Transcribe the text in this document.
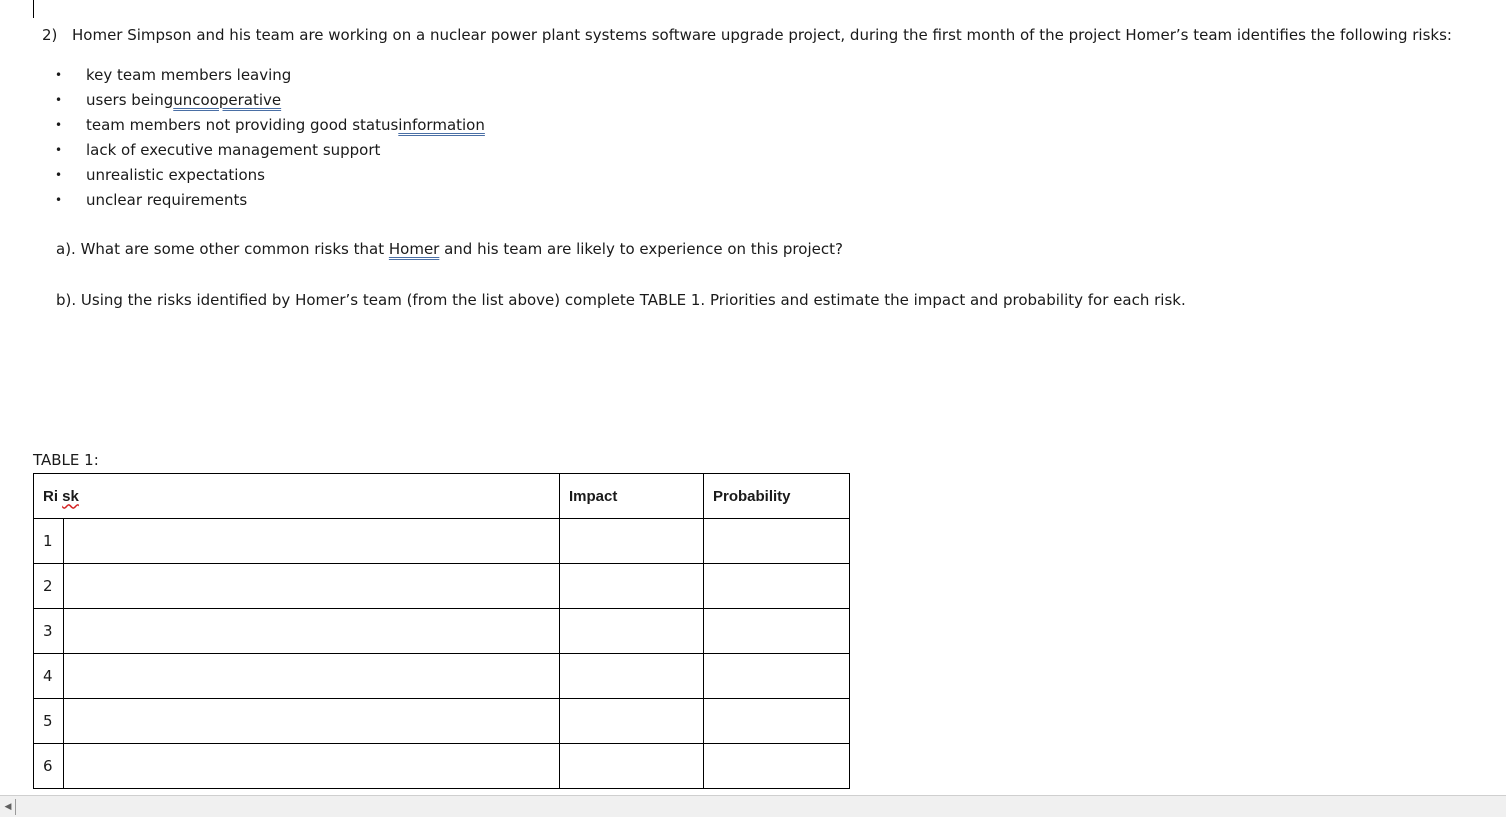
2) Homer Simpson and his team are working on a nuclear power plant systems software upgrade project, during the first month of the project Homer’s team identifies the following risks:
•	key team members leaving
•	users being uncooperative
•	team members not providing good status information
•	lack of executive management support
•	unrealistic expectations
•	unclear requirements
a). What are some other common risks that Homer and his team are likely to experience on this project?
b). Using the risks identified by Homer’s team (from the list above) complete TABLE 1. Priorities and estimate the impact and probability for each risk.
TABLE 1:
Ri sk		Impact	Probability
1			
2			
3			
4			
5			
6			
◀
